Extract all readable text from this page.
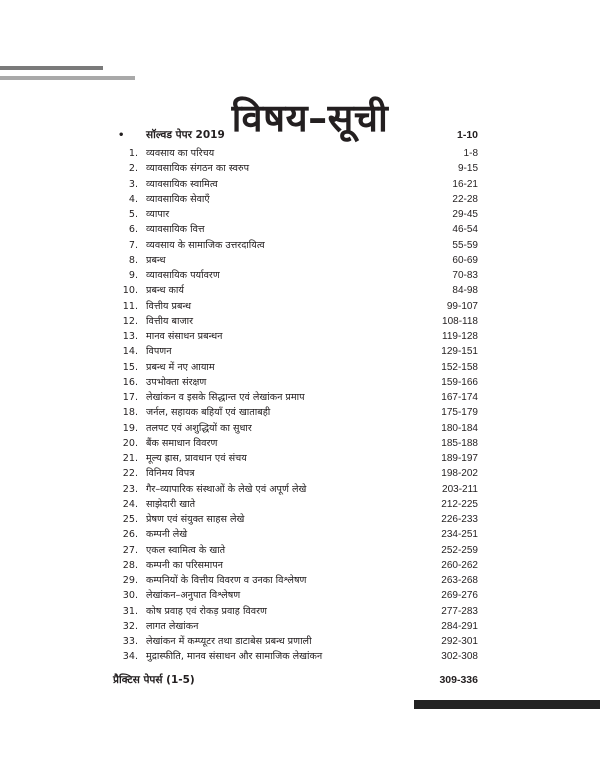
विषय–सूची
• सॉल्वड पेपर 2019	1-10
1. व्यवसाय का परिचय	1-8
2. व्यावसायिक संगठन का स्वरुप	9-15
3. व्यावसायिक स्वामित्व	16-21
4. व्यावसायिक सेवाएँ	22-28
5. व्यापार	29-45
6. व्यावसायिक वित्त	46-54
7. व्यवसाय के सामाजिक उत्तरदायित्व	55-59
8. प्रबन्ध	60-69
9. व्यावसायिक पर्यावरण	70-83
10. प्रबन्ध कार्य	84-98
11. वित्तीय प्रबन्ध	99-107
12. वित्तीय बाजार	108-118
13. मानव संसाधन प्रबन्धन	119-128
14. विपणन	129-151
15. प्रबन्ध में नए आयाम	152-158
16. उपभोक्ता संरक्षण	159-166
17. लेखांकन व इसके सिद्धान्त एवं लेखांकन प्रमाप	167-174
18. जर्नल, सहायक बहियाँ एवं खाताबही	175-179
19. तलपट एवं अशुद्धियों का सुधार	180-184
20. बैंक समाधान विवरण	185-188
21. मूल्य ह्रास, प्रावधान एवं संचय	189-197
22. विनिमय विपत्र	198-202
23. गैर–व्यापारिक संस्थाओं के लेखे एवं अपूर्ण लेखे	203-211
24. साझेदारी खाते	212-225
25. प्रेषण एवं संयुक्त साहस लेखे	226-233
26. कम्पनी लेखे	234-251
27. एकल स्वामित्व के खाते	252-259
28. कम्पनी का परिसमापन	260-262
29. कम्पनियों के वित्तीय विवरण व उनका विश्लेषण	263-268
30. लेखांकन–अनुपात विश्लेषण	269-276
31. कोष प्रवाह एवं रोकड़ प्रवाह विवरण	277-283
32. लागत लेखांकन	284-291
33. लेखांकन में कम्प्यूटर तथा डाटाबेस प्रबन्ध प्रणाली	292-301
34. मुद्रास्फीति, मानव संसाधन और सामाजिक लेखांकन	302-308
प्रैक्टिस पेपर्स (1-5)	309-336
